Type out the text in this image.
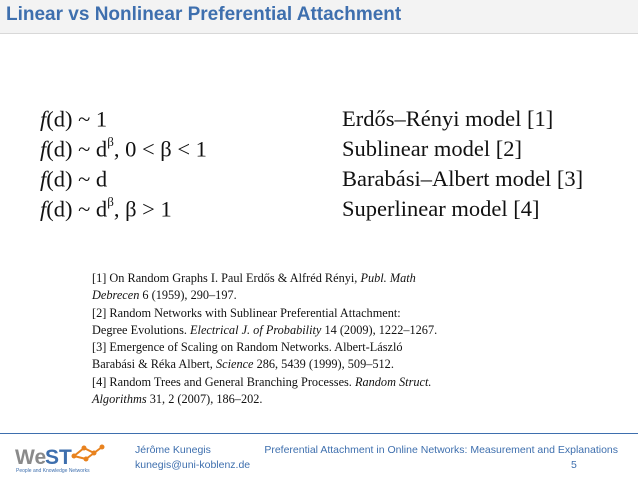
Linear vs Nonlinear Preferential Attachment
f(d) ~ 1	Erdős–Rényi model [1]
f(d) ~ $d^\beta$, 0 < β < 1	Sublinear model [2]
f(d) ~ d	Barabási–Albert model [3]
f(d) ~ $d^\beta$, β > 1	Superlinear model [4]
[1] On Random Graphs I. Paul Erdős & Alfréd Rényi, Publ. Math
Debrecen 6 (1959), 290–197.
[2] Random Networks with Sublinear Preferential Attachment:
Degree Evolutions. Electrical J. of Probability 14 (2009), 1222–1267.
[3] Emergence of Scaling on Random Networks. Albert-László
Barabási & Réka Albert, Science 286, 5439 (1999), 509–512.
[4] Random Trees and General Branching Processes. Random Struct.
Algorithms 31, 2 (2007), 186–202.
We
ST
People and Knowledge Networks
Jérôme Kunegis
kunegis@uni-koblenz.de
Preferential Attachment in Online Networks: Measurement and Explanations
5
